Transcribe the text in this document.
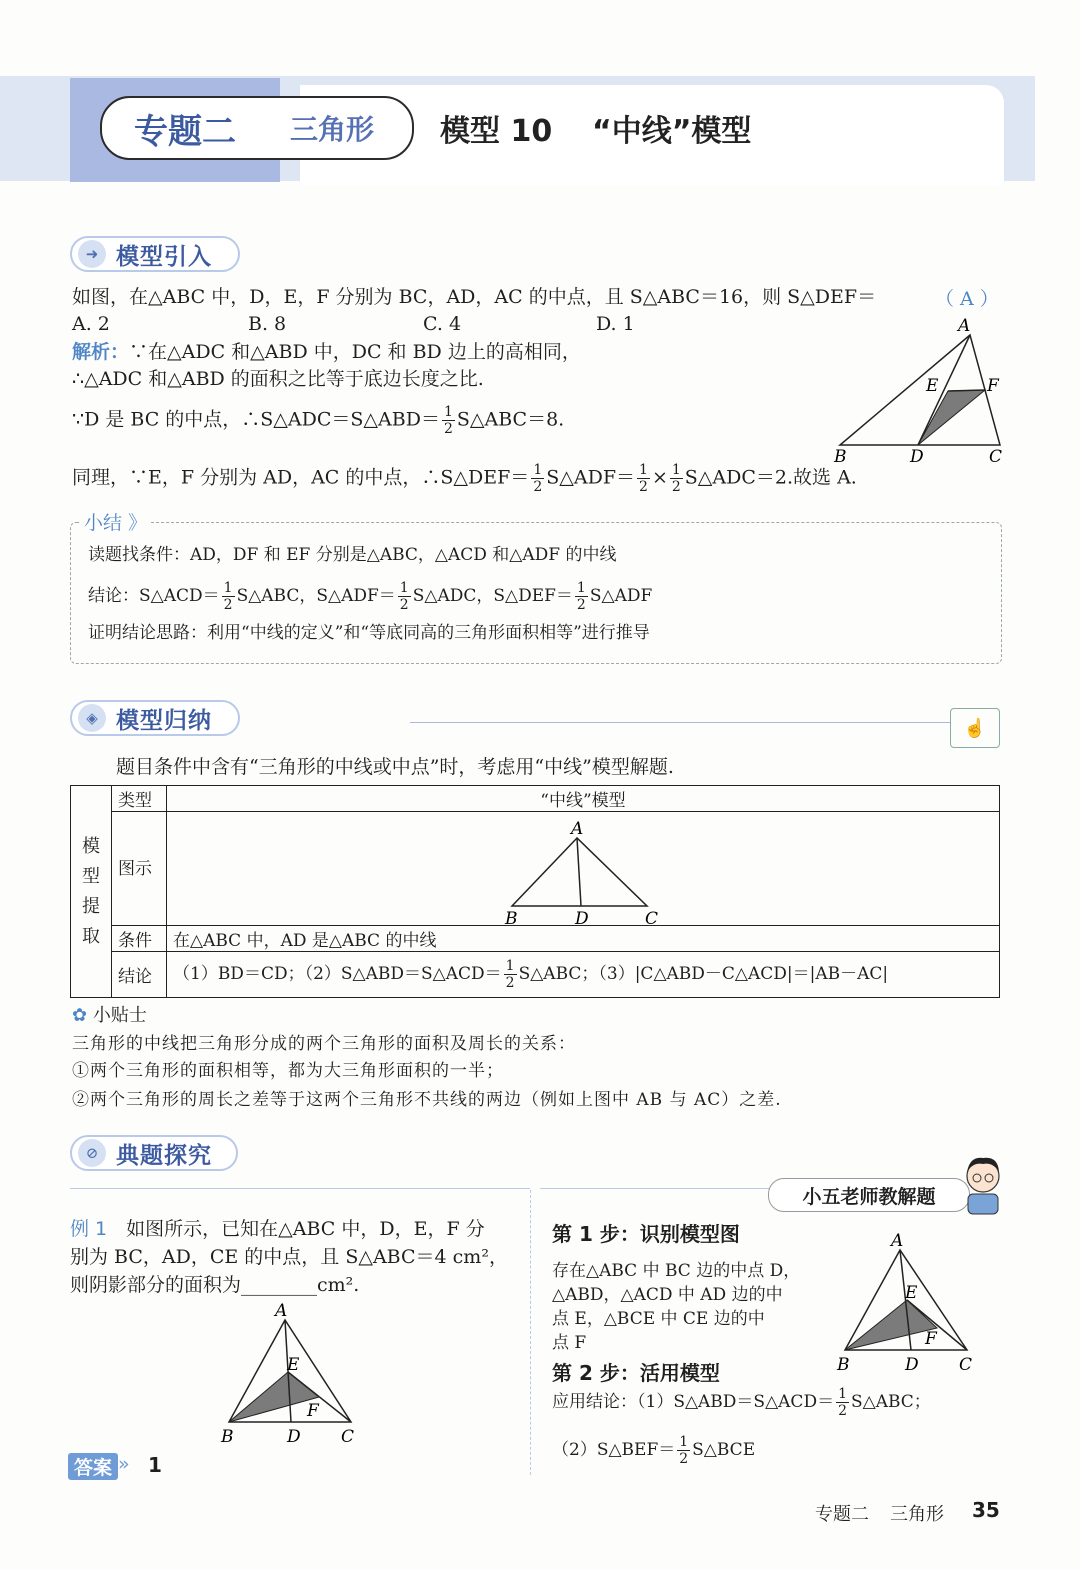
专题二 三角形 模型 10 “中线”模型
➜ 模型引入
如图，在△ABC 中，D，E，F 分别为 BC，AD，AC 的中点，且 S△ABC＝16，则 S△DEF＝	（ A ）
A. 2	B. 8	C. 4	D. 1
解析：∵在△ADC 和△ABD 中，DC 和 BD 边上的高相同，
∴△ADC 和△ABD 的面积之比等于底边长度之比.
∵D 是 BC 的中点，∴S△ADC＝S△ABD＝ $\frac{1}{2}$ S△ABC＝8.
同理，∵E，F 分别为 AD，AC 的中点，∴S△DEF＝ $\frac{1}{2}$ S△ADF＝ $\frac{1}{2} \times \frac{1}{2}$ S△ADC＝2.故选 A.
A
B	C
D
E	F
小结 》
读题找条件：AD，DF 和 EF 分别是△ABC，△ACD 和△ADF 的中线
结论：S△ACD＝ $\frac{1}{2}$ S△ABC，S△ADF＝ $\frac{1}{2}$ S△ADC，S△DEF＝ $\frac{1}{2}$ S△ADF
证明结论思路：利用“中线的定义”和“等底同高的三角形面积相等”进行推导
◈ 模型归纳	☝
题目条件中含有“三角形的中线或中点”时，考虑用“中线”模型解题.
模
型
提
取	类型	“中线”模型
	图示	A
B D C

	条件	在△ABC 中，AD 是△ABC 的中线
	结论	（1）BD＝CD；（2）S△ABD＝S△ACD＝ $\frac{1}{2}$ S△ABC；（3）|C△ABD－C△ACD|＝|AB－AC|
✿ 小贴士
三角形的中线把三角形分成的两个三角形的面积及周长的关系：
①两个三角形的面积相等，都为大三角形面积的一半；
②两个三角形的周长之差等于这两个三角形不共线的两边（例如上图中 AB 与 AC）之差.
⊘ 典题探究
小五老师教解题
例 1　 如图所示，已知在△ABC 中，D，E，F 分
别为 BC，AD，CE 的中点，且 S△ABC＝4 cm²，
则阴影部分的面积为________cm².
A
B	D C
E
F
答案 » 1
第 1 步：识别模型图
存在△ABC 中 BC 边的中点 D，
△ABD，△ACD 中 AD 边的中
点 E，△BCE 中 CE 边的中
点 F
第 2 步：活用模型
应用结论：（1）S△ABD＝S△ACD＝ $\frac{1}{2}$ S△ABC；
（2）S△BEF＝ $\frac{1}{2}$ S△BCE
A
B	D C
E
F
专题二 三角形 35
